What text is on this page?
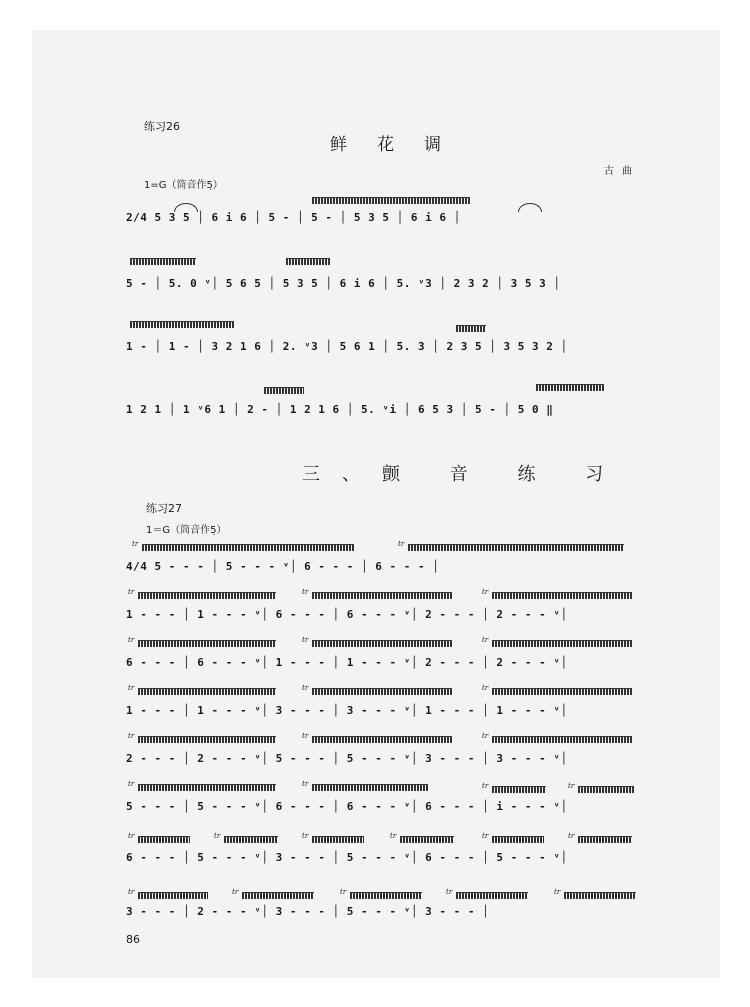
练习26
鲜花调
古曲
1=G（筒音作5̣）
2/4 5 3 5 │ 6 i 6 │ 5 - │ 5 - │ 5 3 5 │ 6 i 6 │
5 - │ 5. 0 ᵛ│ 5 6 5 │ 5 3 5 │ 6 i 6 │ 5. ᵛ3 │ 2 3 2 │ 3 5 3 │
1 - │ 1 - │ 3 2 1 6 │ 2. ᵛ3 │ 5 6 1 │ 5. 3 │ 2 3 5 │ 3 5 3 2 │
1 2 1 │ 1 ᵛ6 1 │ 2 - │ 1 2 1 6 │ 5. ᵛi │ 6 5 3 │ 5 - │ 5 0 ‖
三、颤 音 练 习
练习27
1＝G（筒音作5̣）
4/4 5 - - - │ 5 - - - ᵛ│ 6 - - - │ 6 - - - │
1 - - - │ 1 - - - ᵛ│ 6 - - - │ 6 - - - ᵛ│ 2 - - - │ 2 - - - ᵛ│
6 - - - │ 6 - - - ᵛ│ 1 - - - │ 1 - - - ᵛ│ 2 - - - │ 2 - - - ᵛ│
1 - - - │ 1 - - - ᵛ│ 3 - - - │ 3 - - - ᵛ│ 1 - - - │ 1 - - - ᵛ│
2 - - - │ 2 - - - ᵛ│ 5 - - - │ 5 - - - ᵛ│ 3 - - - │ 3 - - - ᵛ│
5 - - - │ 5 - - - ᵛ│ 6 - - - │ 6 - - - ᵛ│ 6 - - - │ i - - - ᵛ│
6 - - - │ 5 - - - ᵛ│ 3 - - - │ 5 - - - ᵛ│ 6 - - - │ 5 - - - ᵛ│
3 - - - │ 2 - - - ᵛ│ 3 - - - │ 5 - - - ᵛ│ 3 - - - │
tr	tr
tr	tr	tr
tr	tr	tr
tr	tr	tr
tr	tr	tr
tr	tr	tr	tr
tr	tr	tr	tr	tr	tr
tr	tr	tr	tr	tr
86
